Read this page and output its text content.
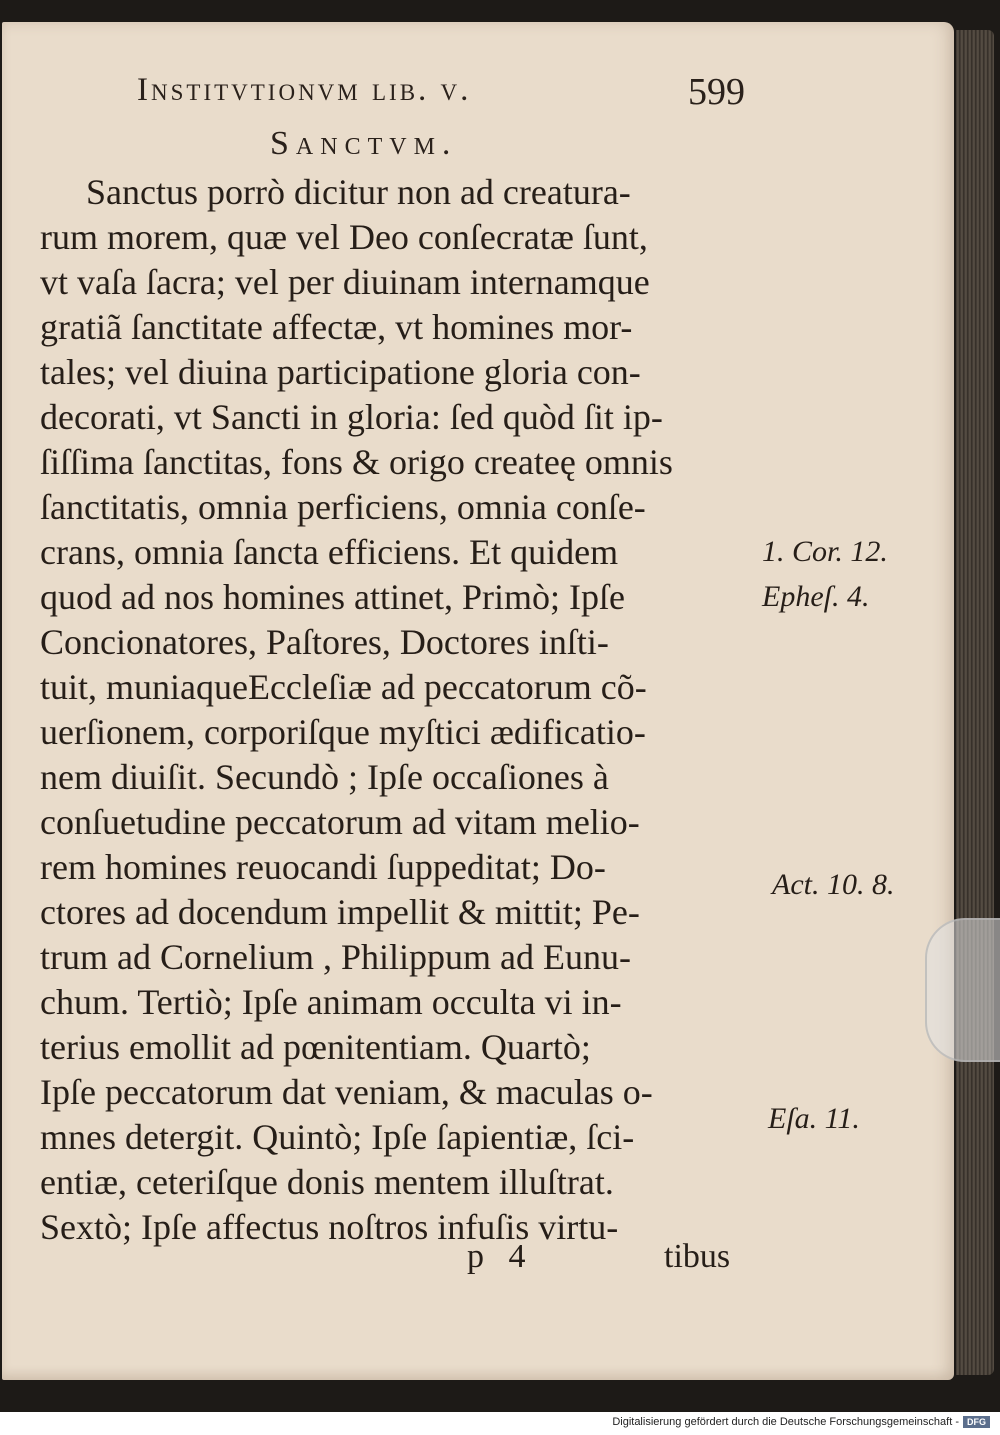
Institvtionvm lib. v.	599
Sanctvm.
Sanctus porrò dicitur non ad creatura-
rum morem, quæ vel Deo conſecratæ ſunt,
vt vaſa ſacra; vel per diuinam internamque
gratiã ſanctitate affectæ, vt homines mor-
tales; vel diuina participatione gloria con-
decorati, vt Sancti in gloria: ſed quòd ſit ip-
ſiſſima ſanctitas, fons & origo createę omnis
ſanctitatis, omnia perficiens, omnia conſe-
crans, omnia ſancta efficiens. Et quidem
quod ad nos homines attinet, Primò; Ipſe
Concionatores, Paſtores, Doctores inſti-
tuit, muniaqueEccleſiæ ad peccatorum cõ-
uerſionem, corporiſque myſtici ædificatio-
nem diuiſit. Secundò ; Ipſe occaſiones à
conſuetudine peccatorum ad vitam melio-
rem homines reuocandi ſuppeditat; Do-
ctores ad docendum impellit & mittit; Pe-
trum ad Cornelium , Philippum ad Eunu-
chum. Tertiò; Ipſe animam occulta vi in-
terius emollit ad pœnitentiam. Quartò;
Ipſe peccatorum dat veniam, & maculas o-
mnes detergit. Quintò; Ipſe ſapientiæ, ſci-
entiæ, ceteriſque donis mentem illuſtrat.
Sextò; Ipſe affectus noſtros infuſis virtu-
1. Cor. 12.
Epheſ. 4.
Act. 10. 8.
Eſa. 11.
p 4	tibus
Digitalisierung gefördert durch die Deutsche Forschungsgemeinschaft - DFG
